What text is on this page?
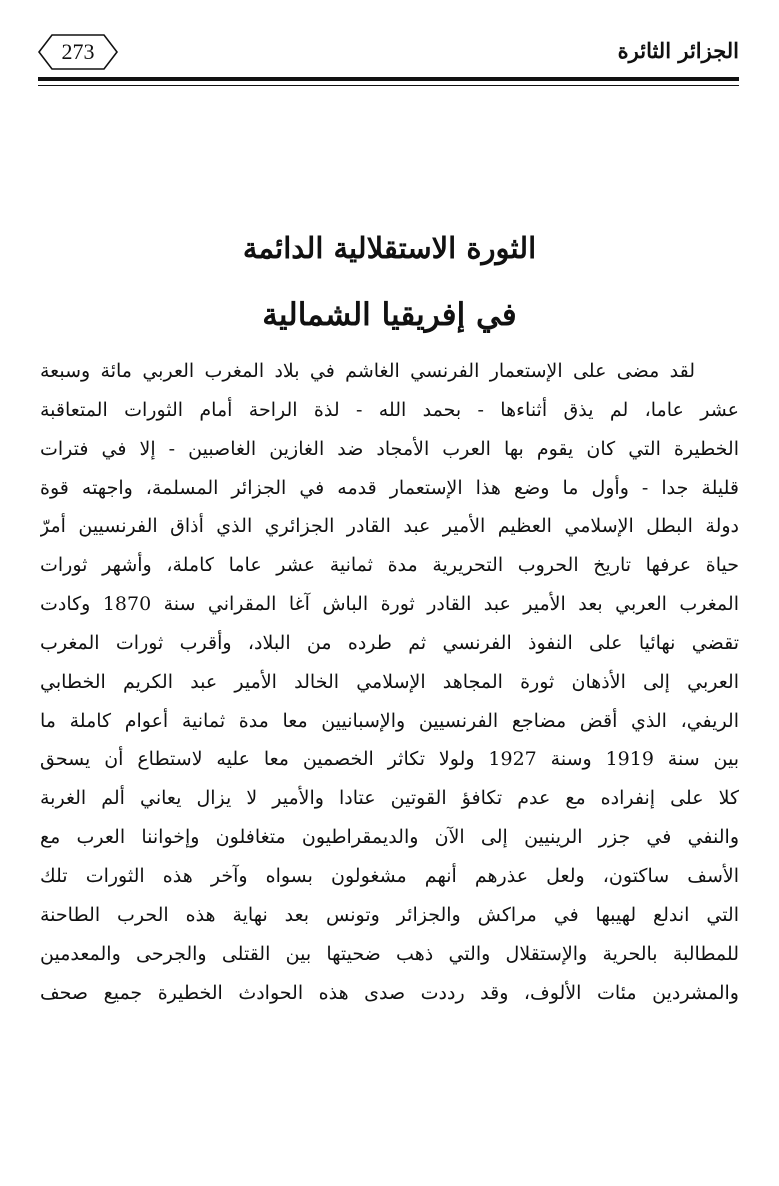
273	الجزائر الثائرة
الثورة الاستقلالية الدائمة
في إفريقيا الشمالية
لقد مضى على الإستعمار الفرنسي الغاشم في بلاد المغرب العربي مائة وسبعة
عشر عاما، لم يذق أثناءها - بحمد الله - لذة الراحة أمام الثورات المتعاقبة
الخطيرة التي كان يقوم بها العرب الأمجاد ضد الغازين الغاصبين - إلا في فترات
قليلة جدا - وأول ما وضع هذا الإستعمار قدمه في الجزائر المسلمة، واجهته قوة
دولة البطل الإسلامي العظيم الأمير عبد القادر الجزائري الذي أذاق الفرنسيين أمرّ
حياة عرفها تاريخ الحروب التحريرية مدة ثمانية عشر عاما كاملة، وأشهر ثورات
المغرب العربي بعد الأمير عبد القادر ثورة الباش آغا المقراني سنة 1870 وكادت
تقضي نهائيا على النفوذ الفرنسي ثم طرده من البلاد، وأقرب ثورات المغرب
العربي إلى الأذهان ثورة المجاهد الإسلامي الخالد الأمير عبد الكريم الخطابي
الريفي، الذي أقض مضاجع الفرنسيين والإسبانيين معا مدة ثمانية أعوام كاملة ما
بين سنة 1919 وسنة 1927 ولولا تكاثر الخصمين معا عليه لاستطاع أن يسحق
كلا على إنفراده مع عدم تكافؤ القوتين عتادا والأمير لا يزال يعاني ألم الغربة
والنفي في جزر الرينيين إلى الآن والديمقراطيون متغافلون وإخواننا العرب مع
الأسف ساكتون، ولعل عذرهم أنهم مشغولون بسواه وآخر هذه الثورات تلك
التي اندلع لهيبها في مراكش والجزائر وتونس بعد نهاية هذه الحرب الطاحنة
للمطالبة بالحرية والإستقلال والتي ذهب ضحيتها بين القتلى والجرحى والمعدمين
والمشردين مئات الألوف، وقد رددت صدى هذه الحوادث الخطيرة جميع صحف
